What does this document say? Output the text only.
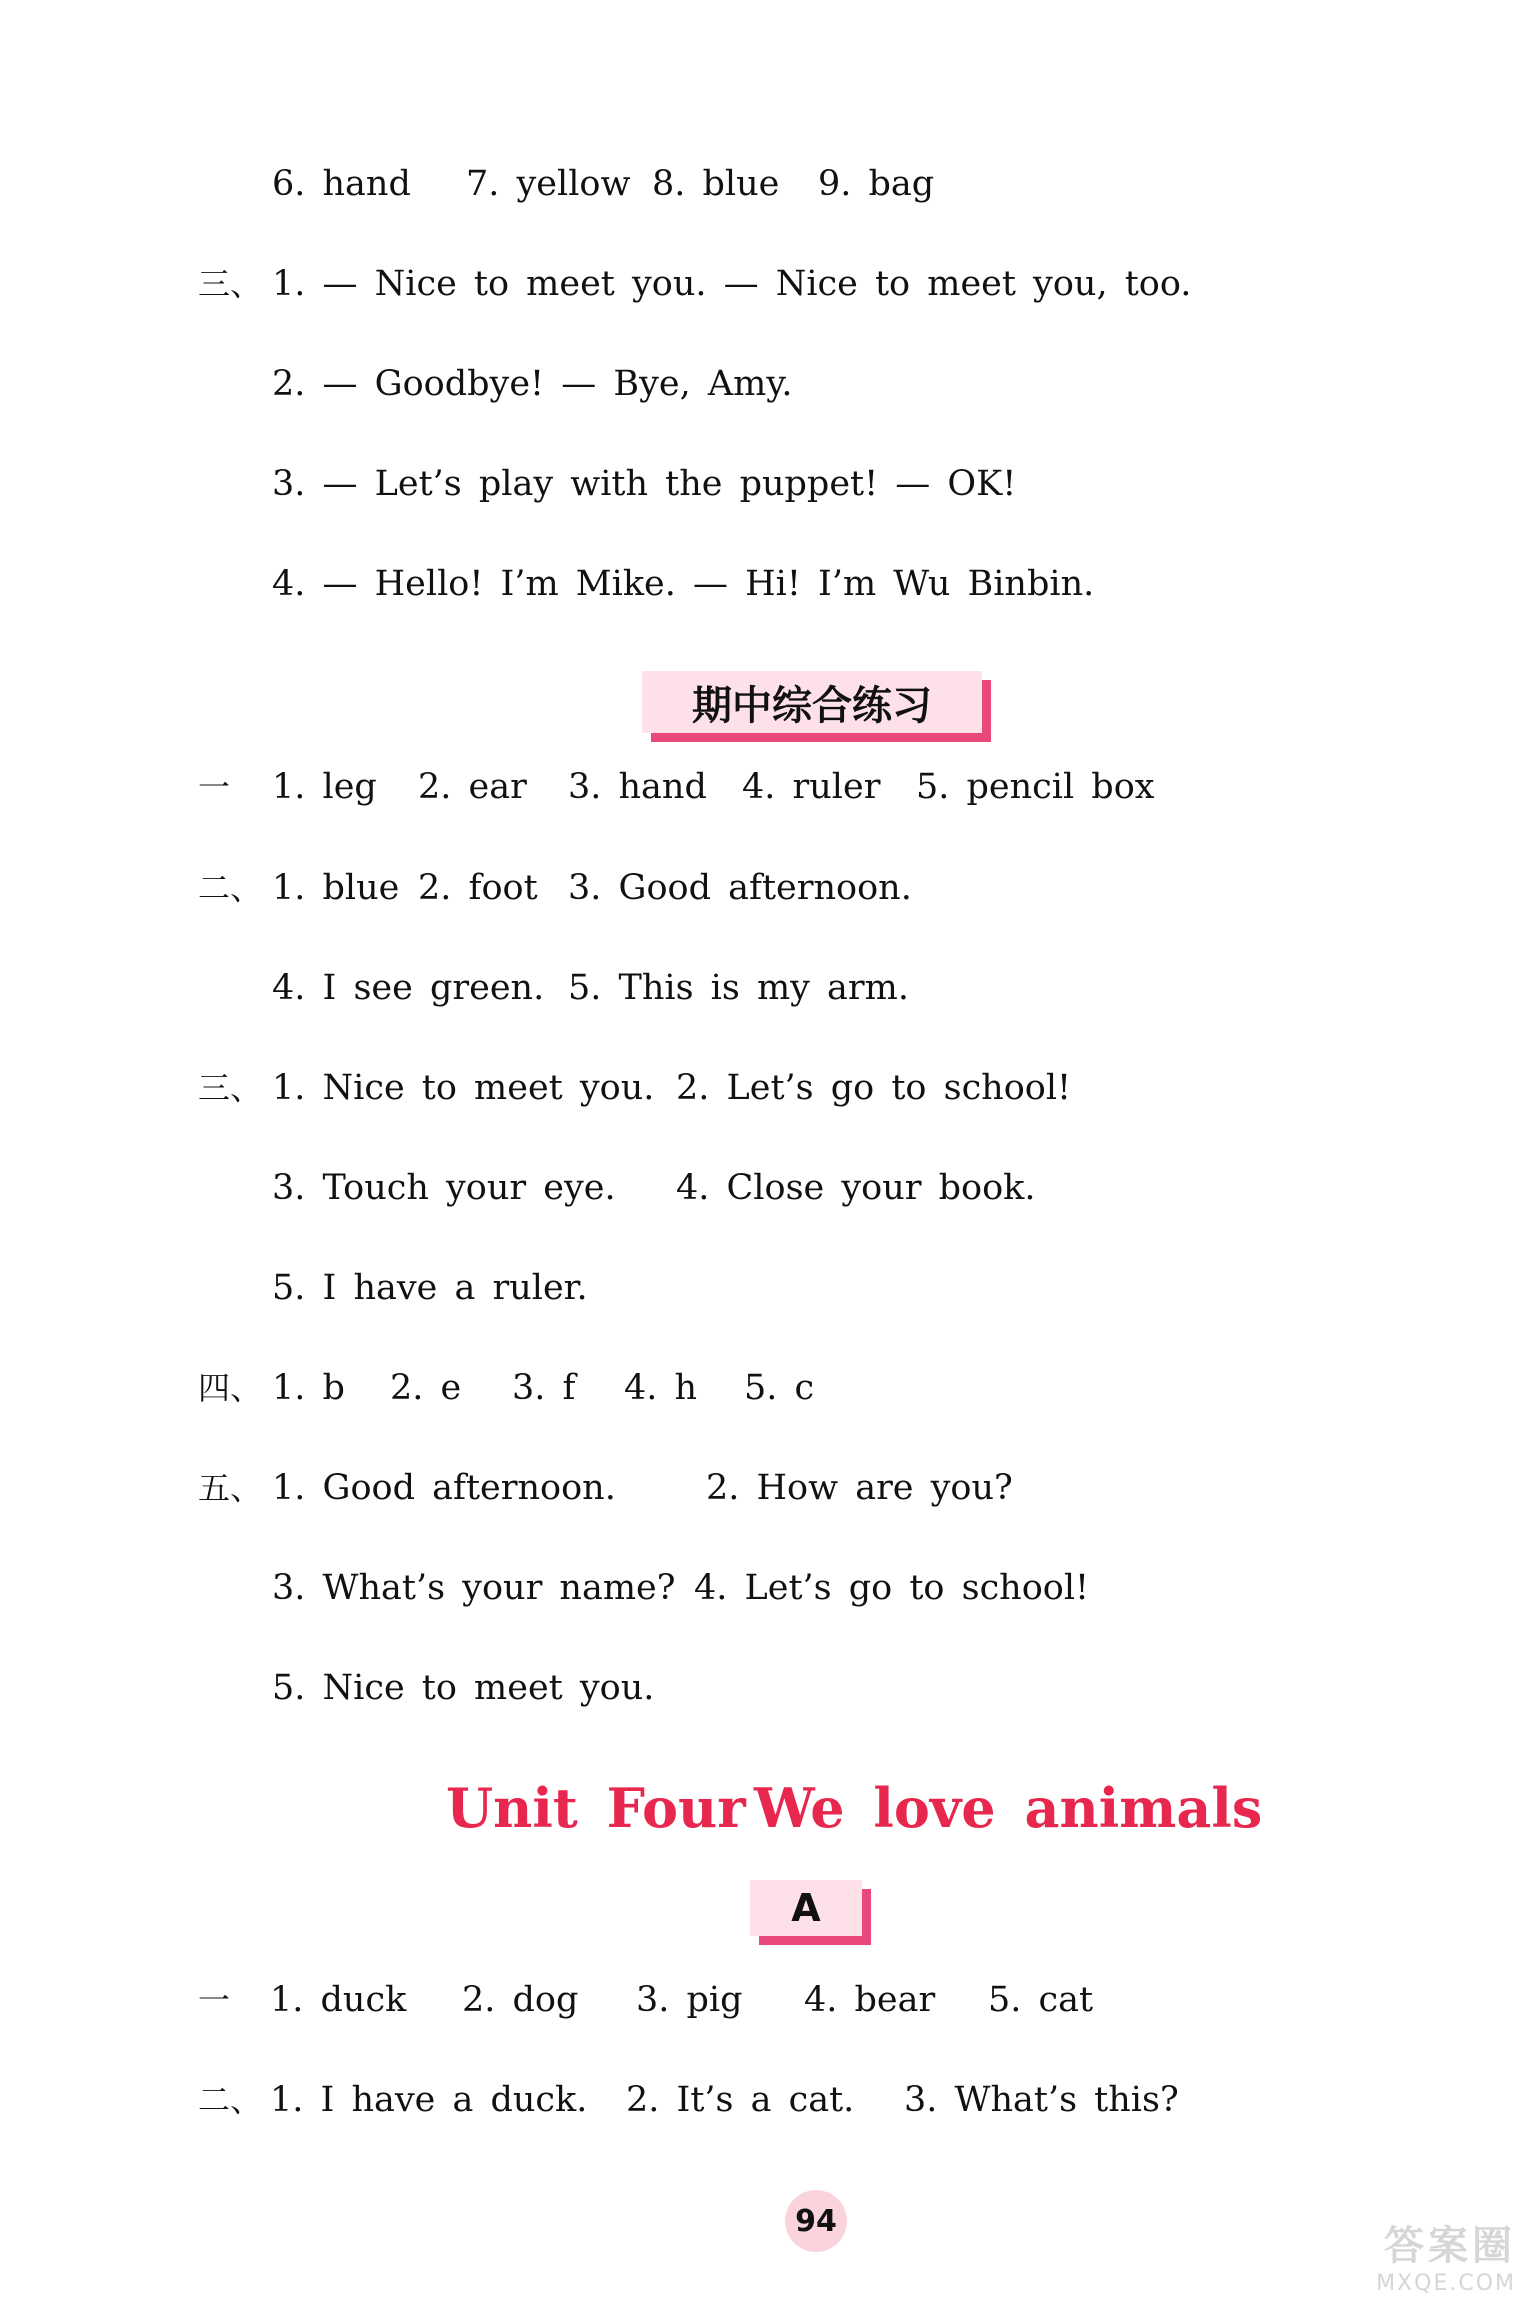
6. hand 7. yellow 8. blue 9. bag
三、 1. — Nice to meet you. — Nice to meet you, too.
2. — Goodbye! — Bye, Amy.
3. — Let’s play with the puppet! — OK!
4. — Hello! I’m Mike. — Hi! I’m Wu Binbin.
期中综合练习
一 1. leg 2. ear 3. hand 4. ruler 5. pencil box
二、 1. blue 2. foot 3. Good afternoon.
4. I see green. 5. This is my arm.
三、 1. Nice to meet you. 2. Let’s go to school!
3. Touch your eye. 4. Close your book.
5. I have a ruler.
四、 1. b 2. e 3. f 4. h 5. c
五、 1. Good afternoon.	2. How are you?
3. What’s your name? 4. Let’s go to school!
5. Nice to meet you.
Unit Four We love animals
A
一 1. duck 2. dog 3. pig 4. bear 5. cat
二、 1. I have a duck. 2. It’s a cat. 3. What’s this?
94
答案圈
MXQE.COM
